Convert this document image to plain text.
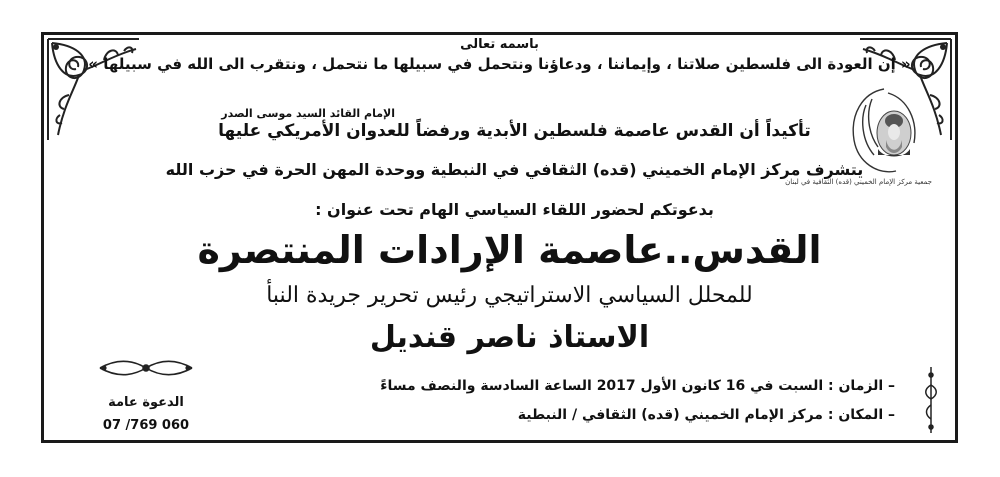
باسمه تعالى
« إن العودة الى فلسطين صلاتنا ، وإيماننا ، ودعاؤنا ونتحمل في سبيلها ما نتحمل ، ونتقرب الى الله في سبيلها »
الإمام القائد السيد موسى الصدر
تأكيداً أن القدس عاصمة فلسطين الأبدية ورفضاً للعدوان الأمريكي عليها
يتشرف مركز الإمام الخميني (قده) الثقافي في النبطية ووحدة المهن الحرة في حزب الله
بدعوتكم لحضور اللقاء السياسي الهام تحت عنوان :
القدس..عاصمة الإرادات المنتصرة
للمحلل السياسي الاستراتيجي رئيس تحرير جريدة النبأ
الاستاذ ناصر قنديل
– الزمان : السبت في 16 كانون الأول 2017 الساعة السادسة والنصف مساءً
– المكان : مركز الإمام الخميني (قده) الثقافي / النبطية
الدعوة عامة
07 /769 060
جمعية مركز الإمام الخميني (قده) الثقافية في لبنان
